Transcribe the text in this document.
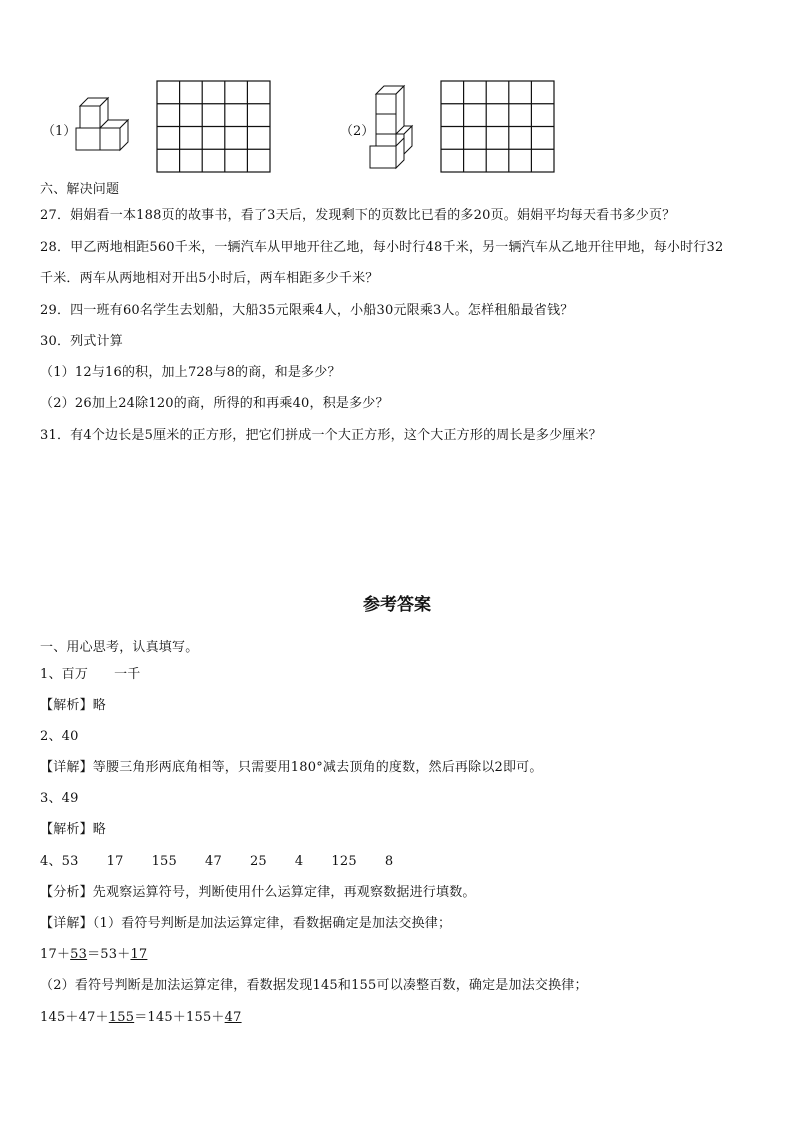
（1）	（2）
六、解决问题
27．娟娟看一本188页的故事书，看了3天后，发现剩下的页数比已看的多20页。娟娟平均每天看书多少页？
28．甲乙两地相距560千米，一辆汽车从甲地开往乙地，每小时行48千米，另一辆汽车从乙地开往甲地，每小时行32
千米．两车从两地相对开出5小时后，两车相距多少千米？
29．四一班有60名学生去划船，大船35元限乘4人，小船30元限乘3人。怎样租船最省钱？
30．列式计算
（1）12与16的积，加上728与8的商，和是多少？
（2）26加上24除120的商，所得的和再乘40，积是多少？
31．有4个边长是5厘米的正方形，把它们拼成一个大正方形，这个大正方形的周长是多少厘米？
参考答案
一、用心思考，认真填写。
1、百万 一千
【解析】略
2、40
【详解】等腰三角形两底角相等，只需要用180°减去顶角的度数，然后再除以2即可。
3、49
【解析】略
4、53 17 155 47 25 4 125 8
【分析】先观察运算符号，判断使用什么运算定律，再观察数据进行填数。
【详解】（1）看符号判断是加法运算定律，看数据确定是加法交换律；
17＋53＝53＋17
（2）看符号判断是加法运算定律，看数据发现145和155可以凑整百数，确定是加法交换律；
145＋47＋155＝145＋155＋47
